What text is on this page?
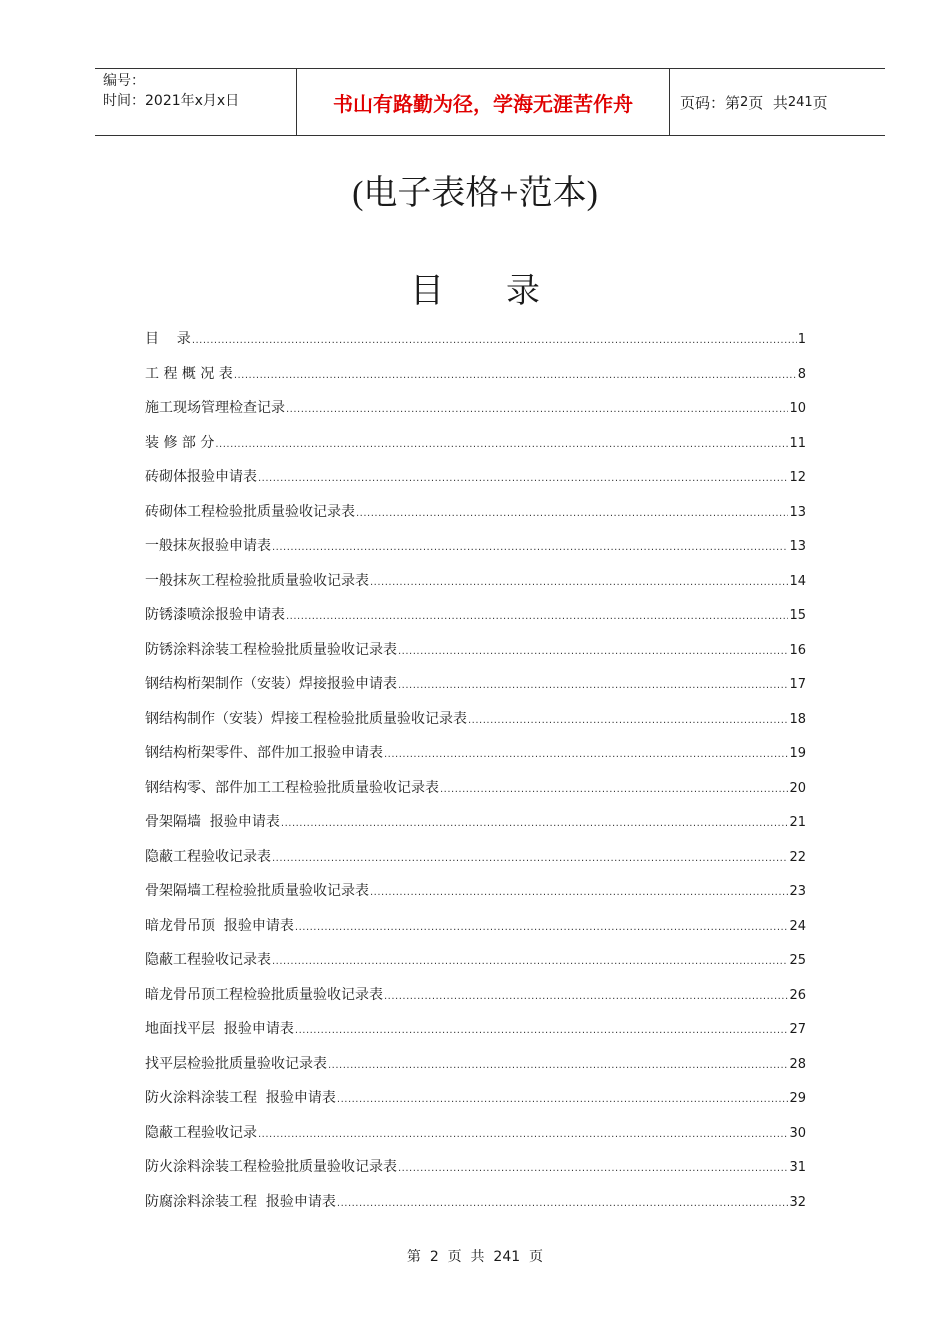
编号：
时间：2021年x月x日	书山有路勤为径，学海无涯苦作舟	页码：第 2 页  共 241 页
(电子表格+范本)
目 录
目    录 .....	1
工 程 概 况 表 .....	8
施工现场管理检查记录 .....	10
装 修 部 分 .....	11
砖砌体报验申请表 .....	12
砖砌体工程检验批质量验收记录表 .....	13
一般抹灰报验申请表 .....	13
一般抹灰工程检验批质量验收记录表 .....	14
防锈漆喷涂报验申请表 .....	15
防锈涂料涂装工程检验批质量验收记录表 .....	16
钢结构桁架制作（安装）焊接报验申请表 .....	17
钢结构制作（安装）焊接工程检验批质量验收记录表 .....	18
钢结构桁架零件、部件加工报验申请表 .....	19
钢结构零、部件加工工程检验批质量验收记录表 .....	20
骨架隔墙  报验申请表 .....	21
隐蔽工程验收记录表 .....	22
骨架隔墙工程检验批质量验收记录表 .....	23
暗龙骨吊顶  报验申请表 .....	24
隐蔽工程验收记录表 .....	25
暗龙骨吊顶工程检验批质量验收记录表 .....	26
地面找平层  报验申请表 .....	27
找平层检验批质量验收记录表 .....	28
防火涂料涂装工程  报验申请表 .....	29
隐蔽工程验收记录 .....	30
防火涂料涂装工程检验批质量验收记录表 .....	31
防腐涂料涂装工程  报验申请表 .....	32
第  2  页  共  241  页
